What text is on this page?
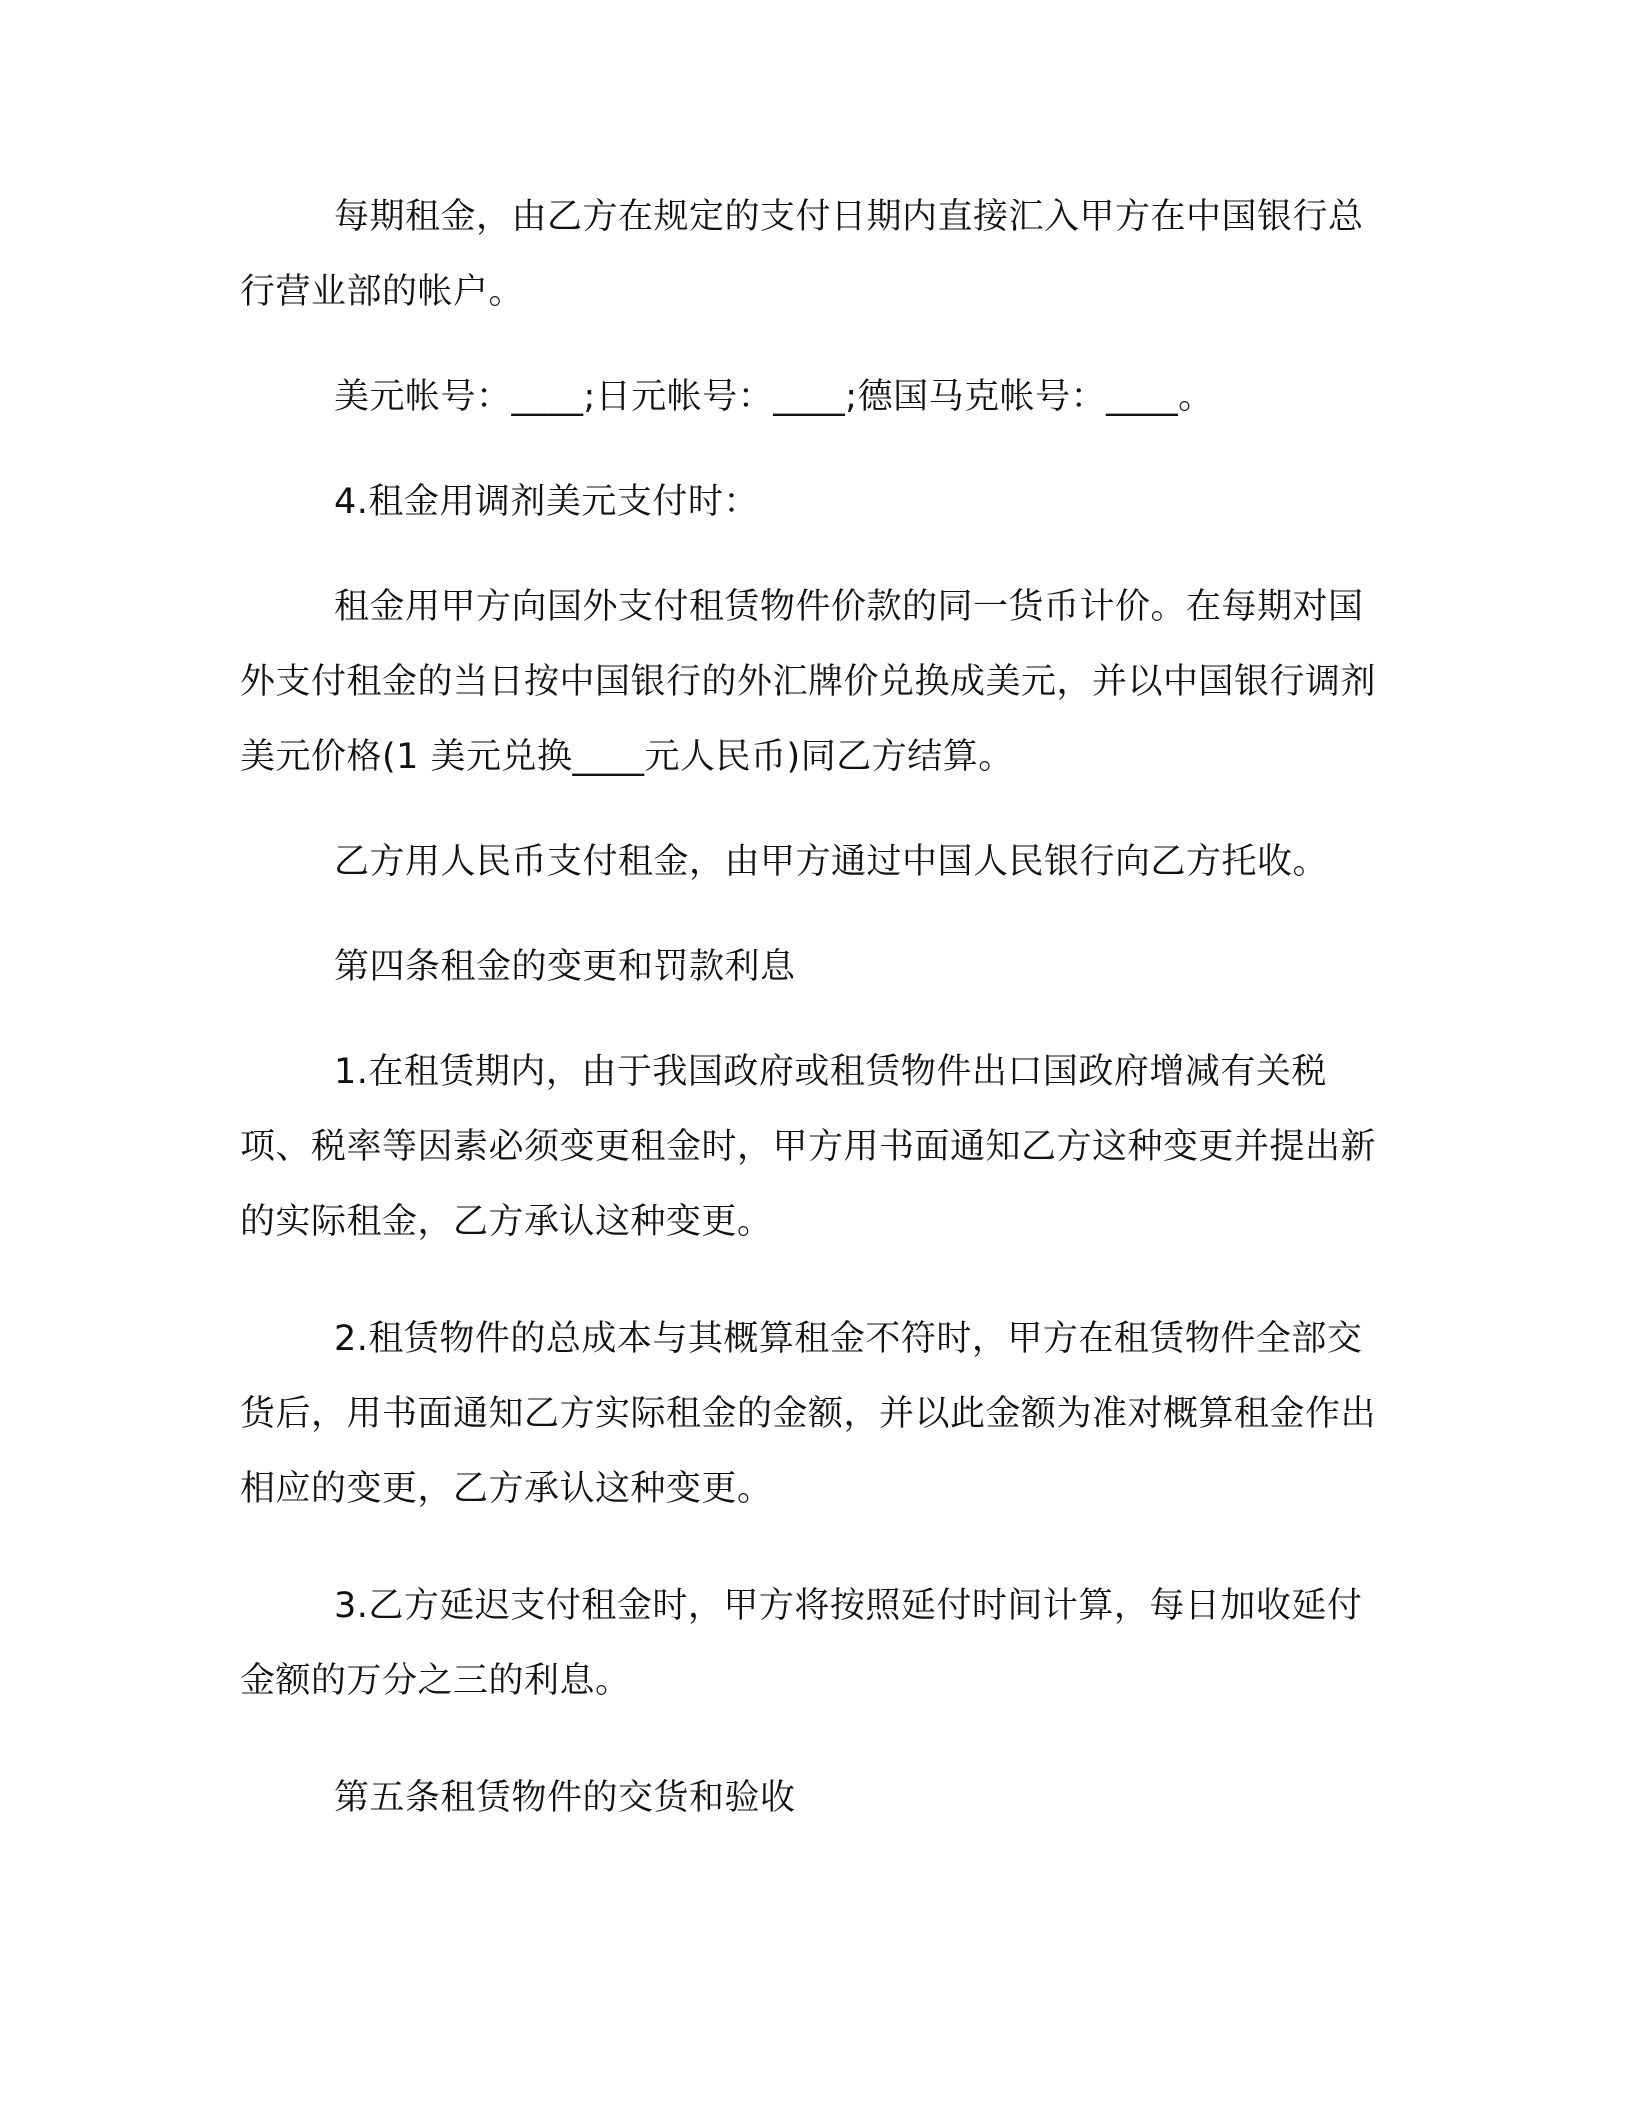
每期租金，由乙方在规定的支付日期内直接汇入甲方在中国银行总行营业部的帐户。

美元帐号：____;日元帐号：____;德国马克帐号：____。

4.租金用调剂美元支付时：

租金用甲方向国外支付租赁物件价款的同一货币计价。在每期对国外支付租金的当日按中国银行的外汇牌价兑换成美元，并以中国银行调剂美元价格(1 美元兑换____元人民币)同乙方结算。

乙方用人民币支付租金，由甲方通过中国人民银行向乙方托收。

第四条租金的变更和罚款利息

1.在租赁期内，由于我国政府或租赁物件出口国政府增减有关税项、税率等因素必须变更租金时，甲方用书面通知乙方这种变更并提出新的实际租金，乙方承认这种变更。

2.租赁物件的总成本与其概算租金不符时，甲方在租赁物件全部交货后，用书面通知乙方实际租金的金额，并以此金额为准对概算租金作出相应的变更，乙方承认这种变更。

3.乙方延迟支付租金时，甲方将按照延付时间计算，每日加收延付金额的万分之三的利息。

第五条租赁物件的交货和验收
